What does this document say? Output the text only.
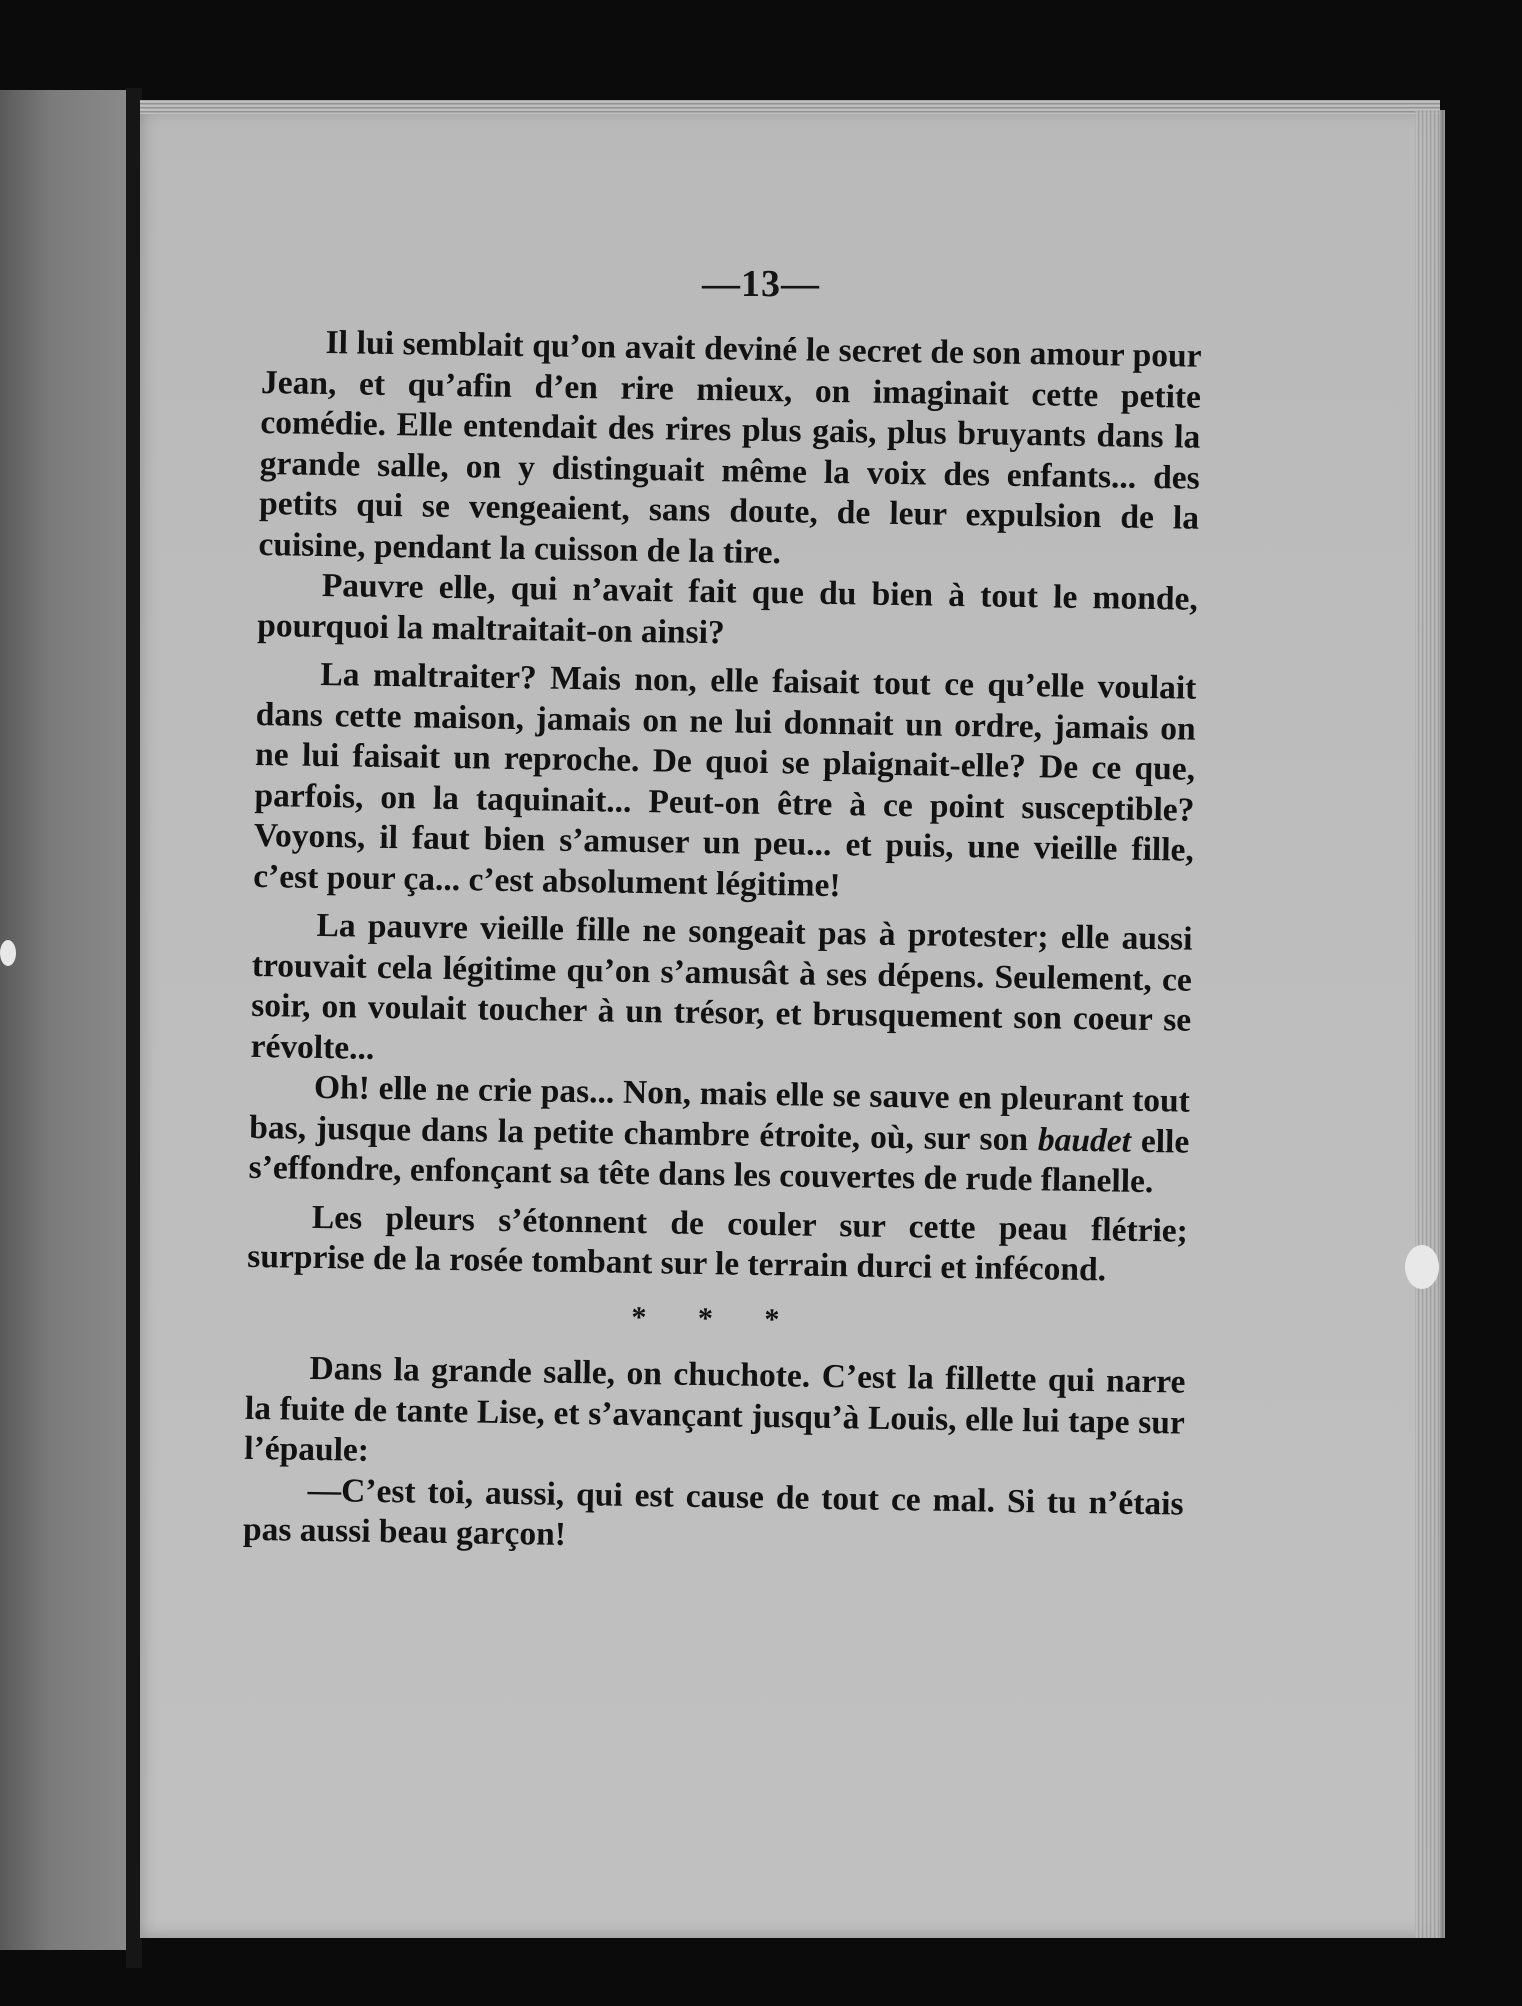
—13—

Il lui semblait qu’on avait deviné le secret de son amour pour Jean, et qu’afin d’en rire mieux, on imaginait cette petite comédie. Elle entendait des rires plus gais, plus bruyants dans la grande salle, on y distinguait même la voix des enfants... des petits qui se vengeaient, sans doute, de leur expulsion de la cuisine, pendant la cuisson de la tire.

Pauvre elle, qui n’avait fait que du bien à tout le monde, pourquoi la maltraitait-on ainsi?

La maltraiter? Mais non, elle faisait tout ce qu’elle voulait dans cette maison, jamais on ne lui donnait un ordre, jamais on ne lui faisait un reproche. De quoi se plaignait-elle? De ce que, parfois, on la taquinait... Peut-on être à ce point susceptible? Voyons, il faut bien s’amuser un peu... et puis, une vieille fille, c’est pour ça... c’est absolument légitime!

La pauvre vieille fille ne songeait pas à protester; elle aussi trouvait cela légitime qu’on s’amusât à ses dépens. Seulement, ce soir, on voulait toucher à un trésor, et brusquement son coeur se révolte...

Oh! elle ne crie pas... Non, mais elle se sauve en pleurant tout bas, jusque dans la petite chambre étroite, où, sur son baudet elle s’effondre, enfonçant sa tête dans les couvertes de rude flanelle.

Les pleurs s’étonnent de couler sur cette peau flétrie; surprise de la rosée tombant sur le terrain durci et infécond.

* * *

Dans la grande salle, on chuchote. C’est la fillette qui narre la fuite de tante Lise, et s’avançant jusqu’à Louis, elle lui tape sur l’épaule:

—C’est toi, aussi, qui est cause de tout ce mal. Si tu n’étais pas aussi beau garçon!
